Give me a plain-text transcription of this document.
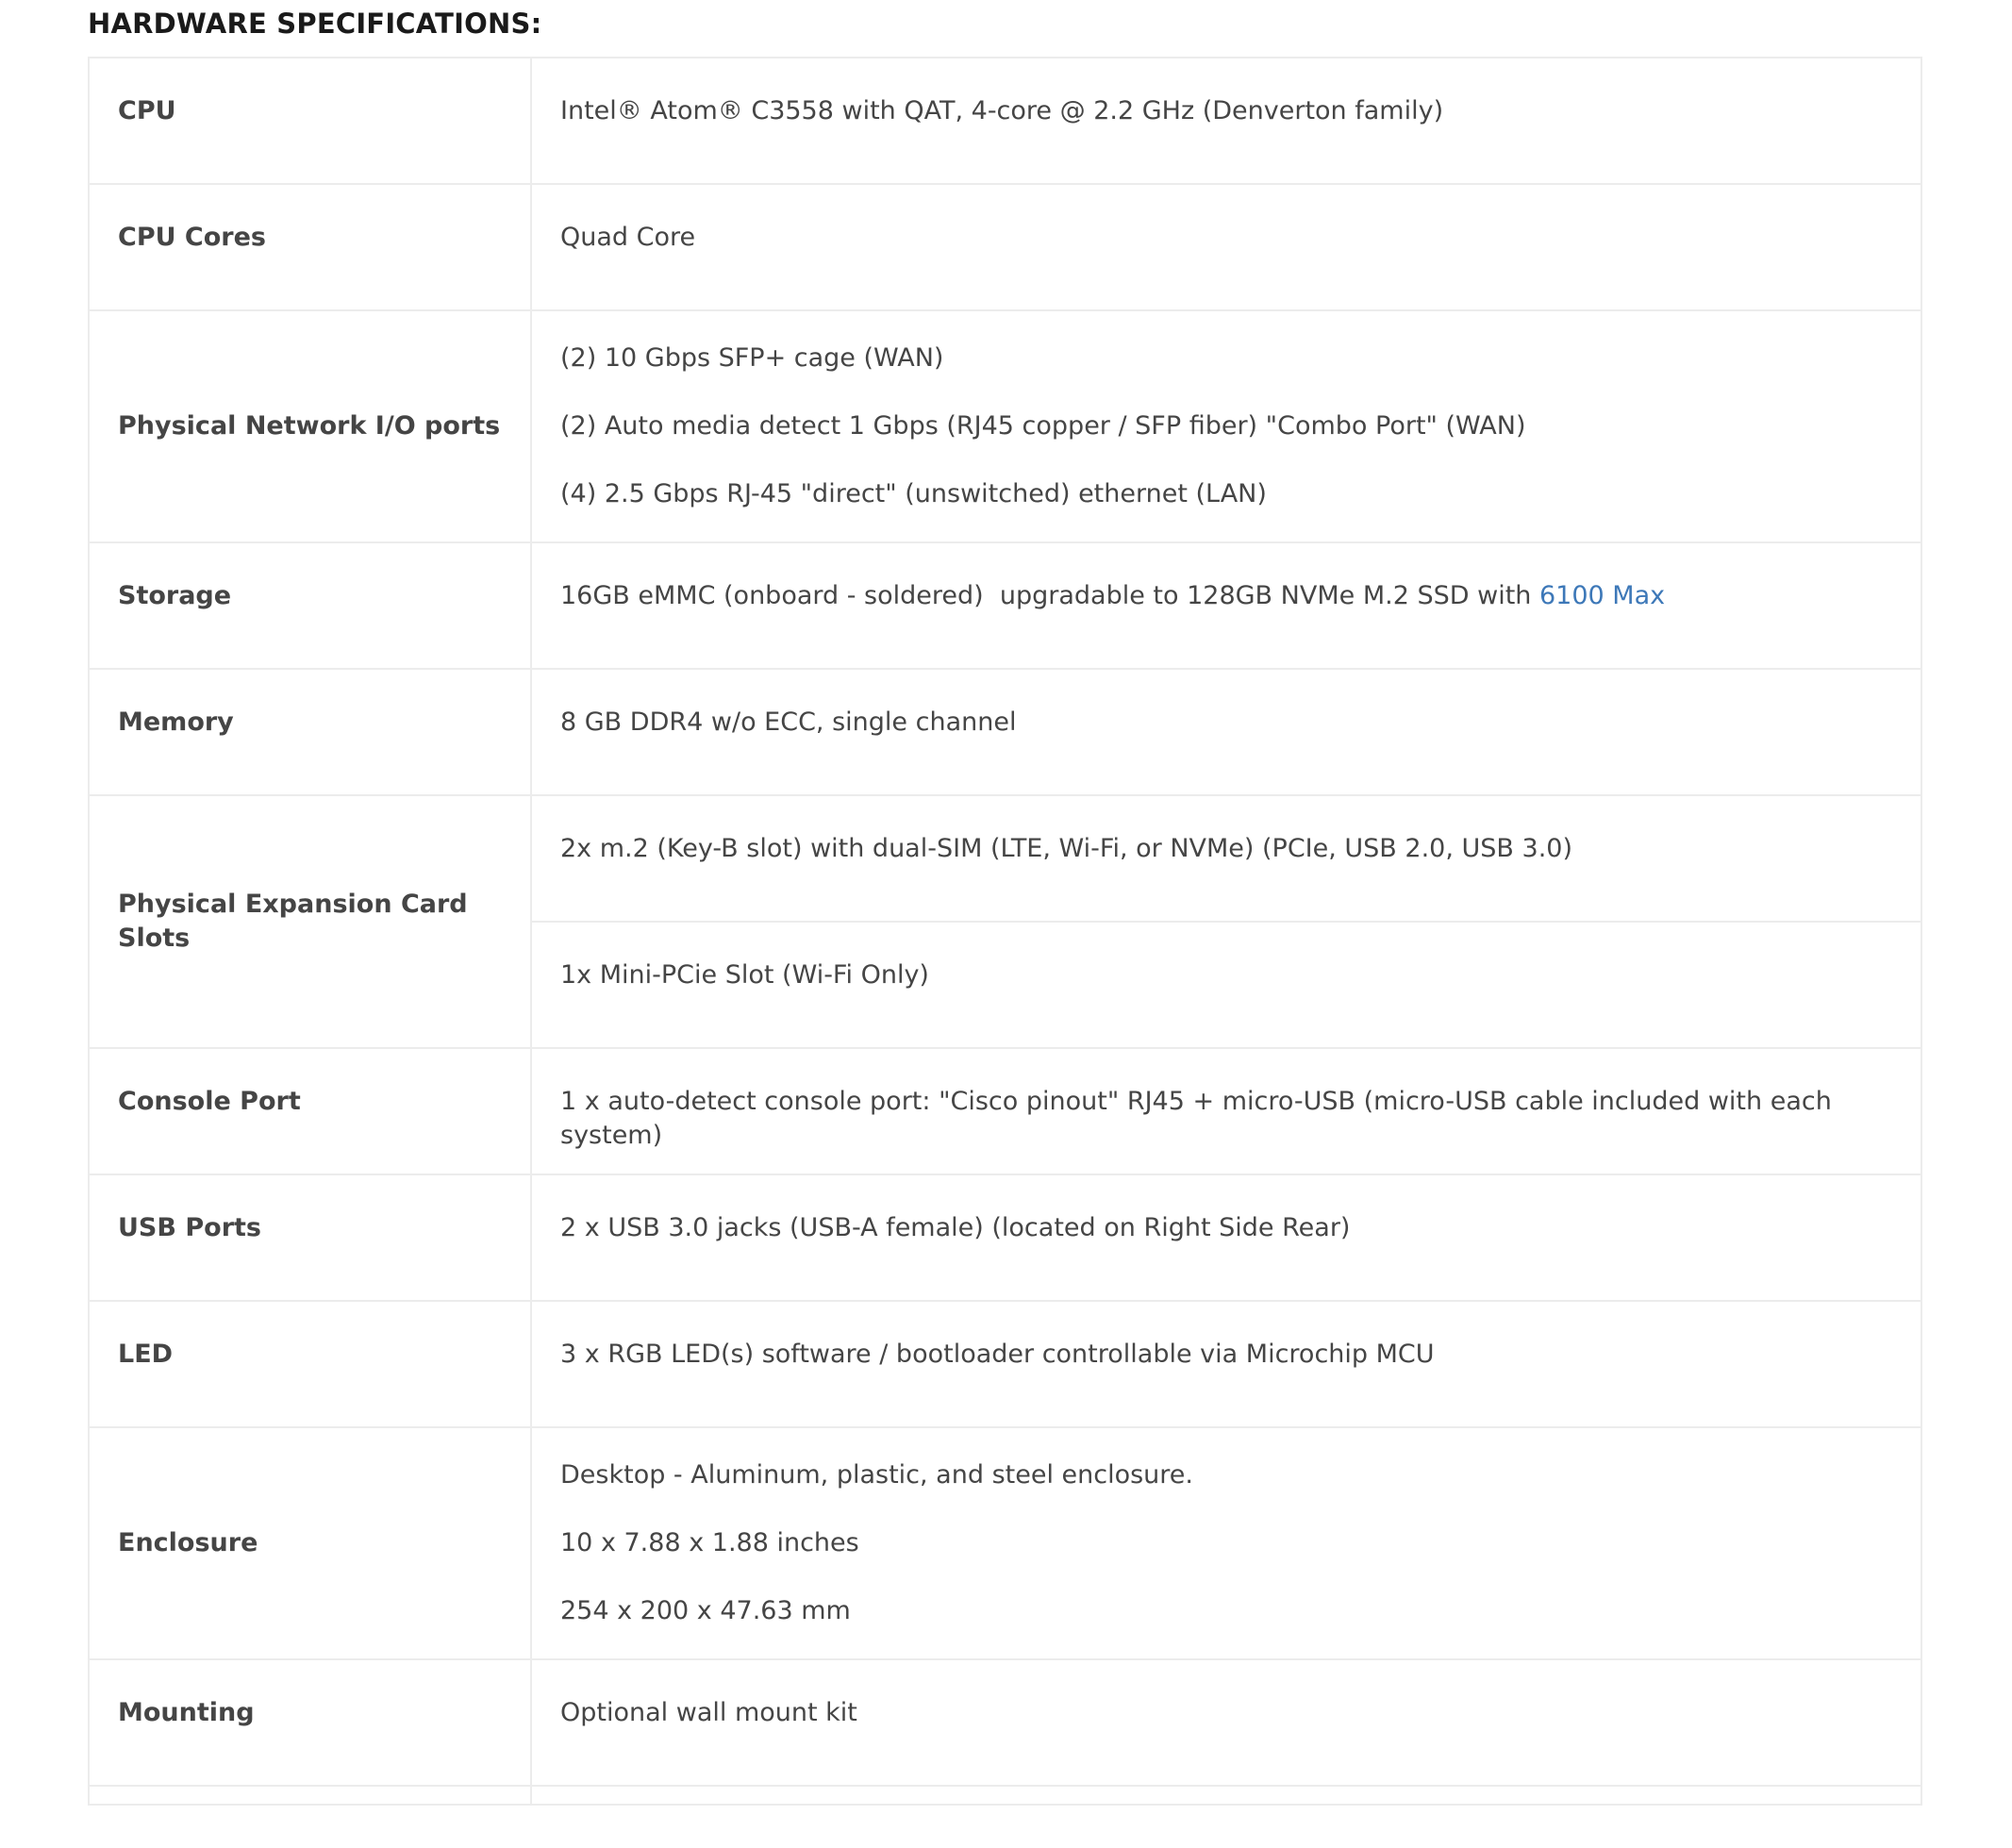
HARDWARE SPECIFICATIONS:
CPU	Intel® Atom® C3558 with QAT, 4-core @ 2.2 GHz (Denverton family)
CPU Cores	Quad Core
Physical Network I/O ports	(2) 10 Gbps SFP+ cage (WAN)

(2) Auto media detect 1 Gbps (RJ45 copper / SFP fiber) "Combo Port" (WAN)

(4) 2.5 Gbps RJ-45 "direct" (unswitched) ethernet (LAN)

Storage	16GB eMMC (onboard - soldered)  upgradable to 128GB NVMe M.2 SSD with 6100 Max
Memory	8 GB DDR4 w/o ECC, single channel
Physical Expansion Card Slots	2x m.2 (Key-B slot) with dual-SIM (LTE, Wi-Fi, or NVMe) (PCIe, USB 2.0, USB 3.0)
	1x Mini-PCie Slot (Wi-Fi Only)
Console Port	1 x auto-detect console port: "Cisco pinout" RJ45 + micro-USB (micro-USB cable included with each system)
USB Ports	2 x USB 3.0 jacks (USB-A female) (located on Right Side Rear)
LED	3 x RGB LED(s) software / bootloader controllable via Microchip MCU
Enclosure	Desktop - Aluminum, plastic, and steel enclosure.

10 x 7.88 x 1.88 inches

254 x 200 x 47.63 mm

Mounting	Optional wall mount kit
